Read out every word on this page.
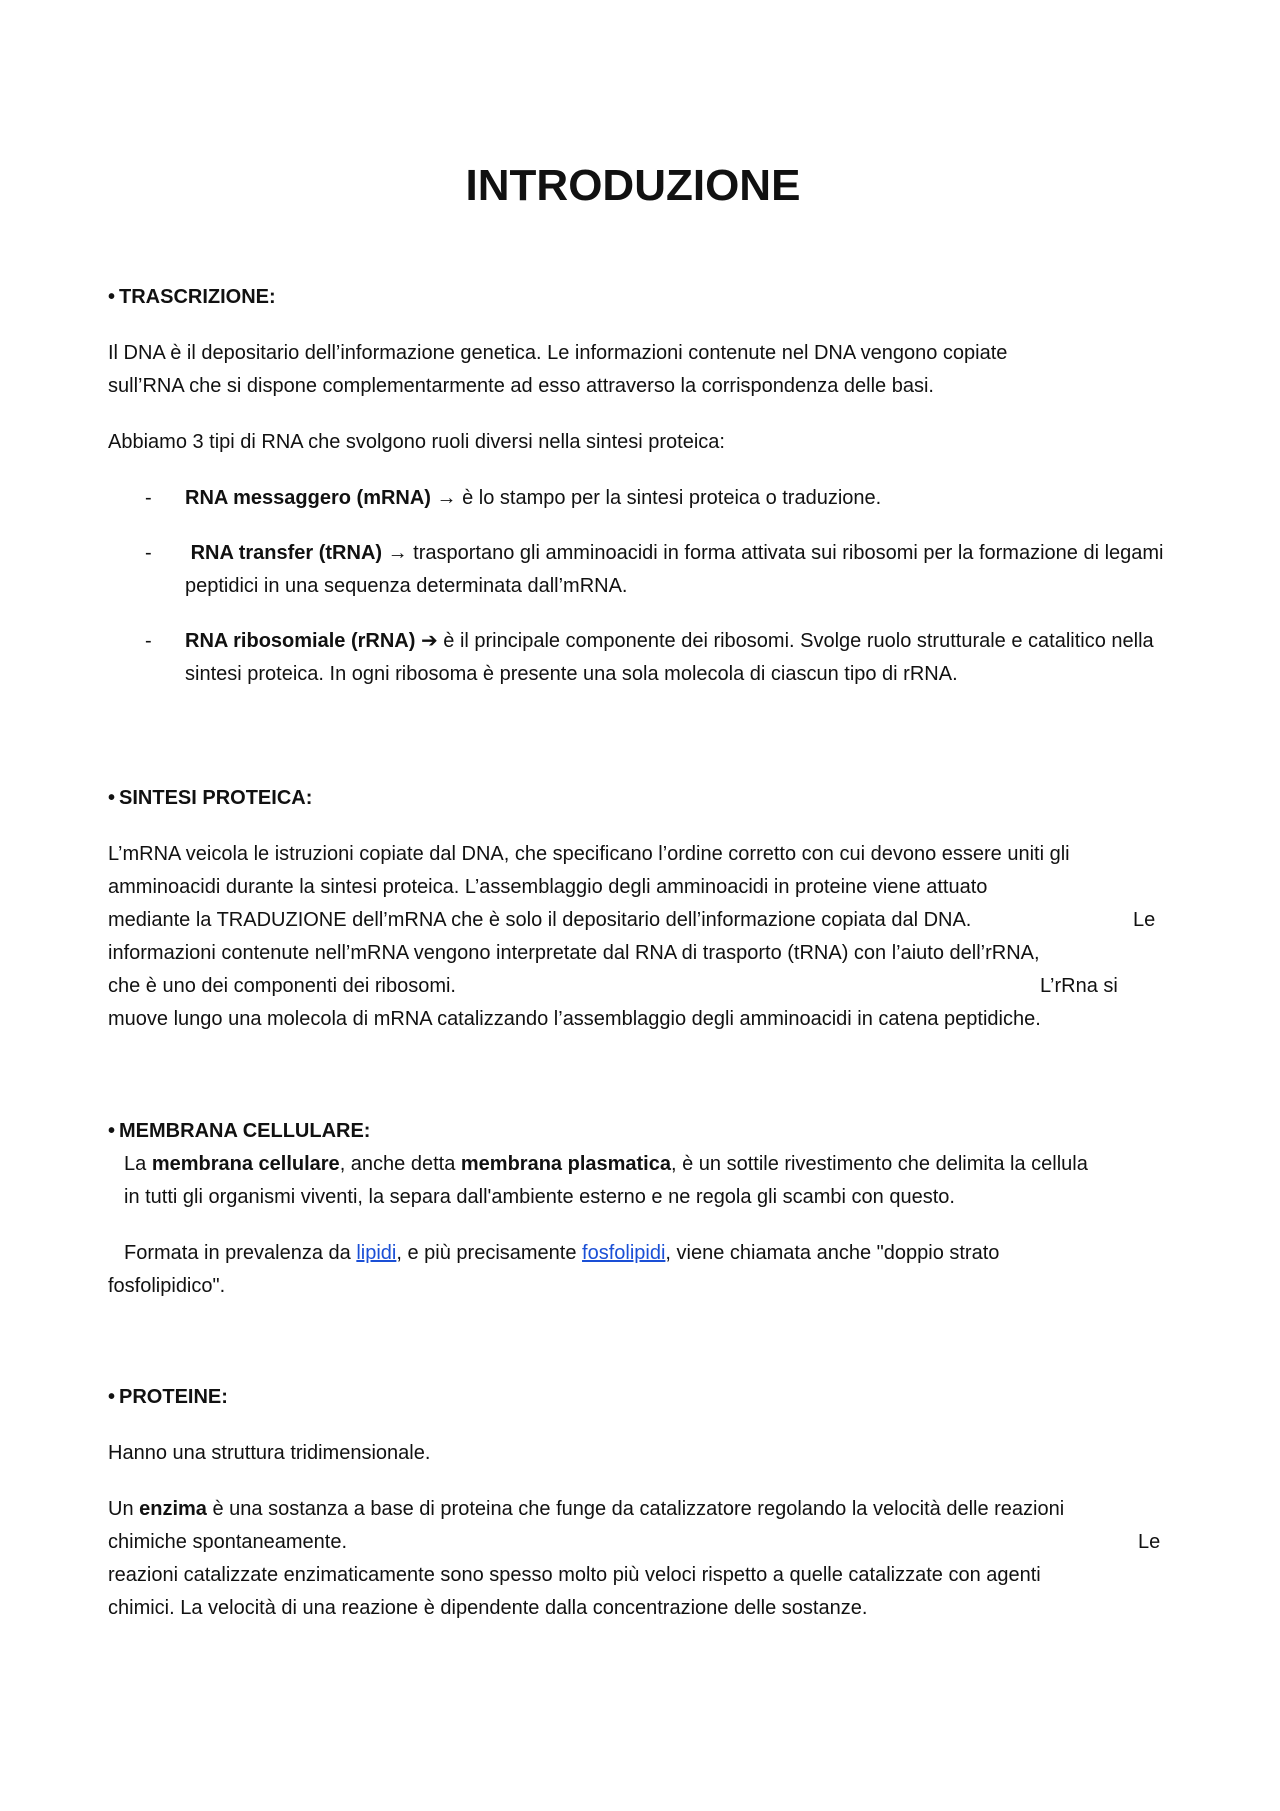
INTRODUZIONE

• TRASCRIZIONE:

Il DNA è il depositario dell’informazione genetica. Le informazioni contenute nel DNA vengono copiate

sull’RNA che si dispone complementarmente ad esso attraverso la corrispondenza delle basi.

Abbiamo 3 tipi di RNA che svolgono ruoli diversi nella sintesi proteica:

- RNA messaggero (mRNA) → è lo stampo per la sintesi proteica o traduzione.
- RNA transfer (tRNA) → trasportano gli amminoacidi in forma attivata sui ribosomi per la formazione di legami peptidici in una sequenza determinata dall’mRNA.
- RNA ribosomiale (rRNA) ➔ è il principale componente dei ribosomi. Svolge ruolo strutturale e catalitico nella sintesi proteica. In ogni ribosoma è presente una sola molecola di ciascun tipo di rRNA.

• SINTESI PROTEICA:

L’mRNA veicola le istruzioni copiate dal DNA, che specificano l’ordine corretto con cui devono essere uniti gli

amminoacidi durante la sintesi proteica. L’assemblaggio degli amminoacidi in proteine viene attuato

mediante la TRADUZIONE dell’mRNA che è solo il depositario dell’informazione copiata dal DNA.	Le

informazioni contenute nell’mRNA vengono interpretate dal RNA di trasporto (tRNA) con l’aiuto dell’rRNA,

che è uno dei componenti dei ribosomi.	L’rRna si

muove lungo una molecola di mRNA catalizzando l’assemblaggio degli amminoacidi in catena peptidiche.

• MEMBRANA CELLULARE:

La membrana cellulare, anche detta membrana plasmatica, è un sottile rivestimento che delimita la cellula

in tutti gli organismi viventi, la separa dall'ambiente esterno e ne regola gli scambi con questo.

Formata in prevalenza da lipidi, e più precisamente fosfolipidi, viene chiamata anche "doppio strato

fosfolipidico".

• PROTEINE:

Hanno una struttura tridimensionale.

Un enzima è una sostanza a base di proteina che funge da catalizzatore regolando la velocità delle reazioni

chimiche spontaneamente.	Le

reazioni catalizzate enzimaticamente sono spesso molto più veloci rispetto a quelle catalizzate con agenti

chimici. La velocità di una reazione è dipendente dalla concentrazione delle sostanze.
